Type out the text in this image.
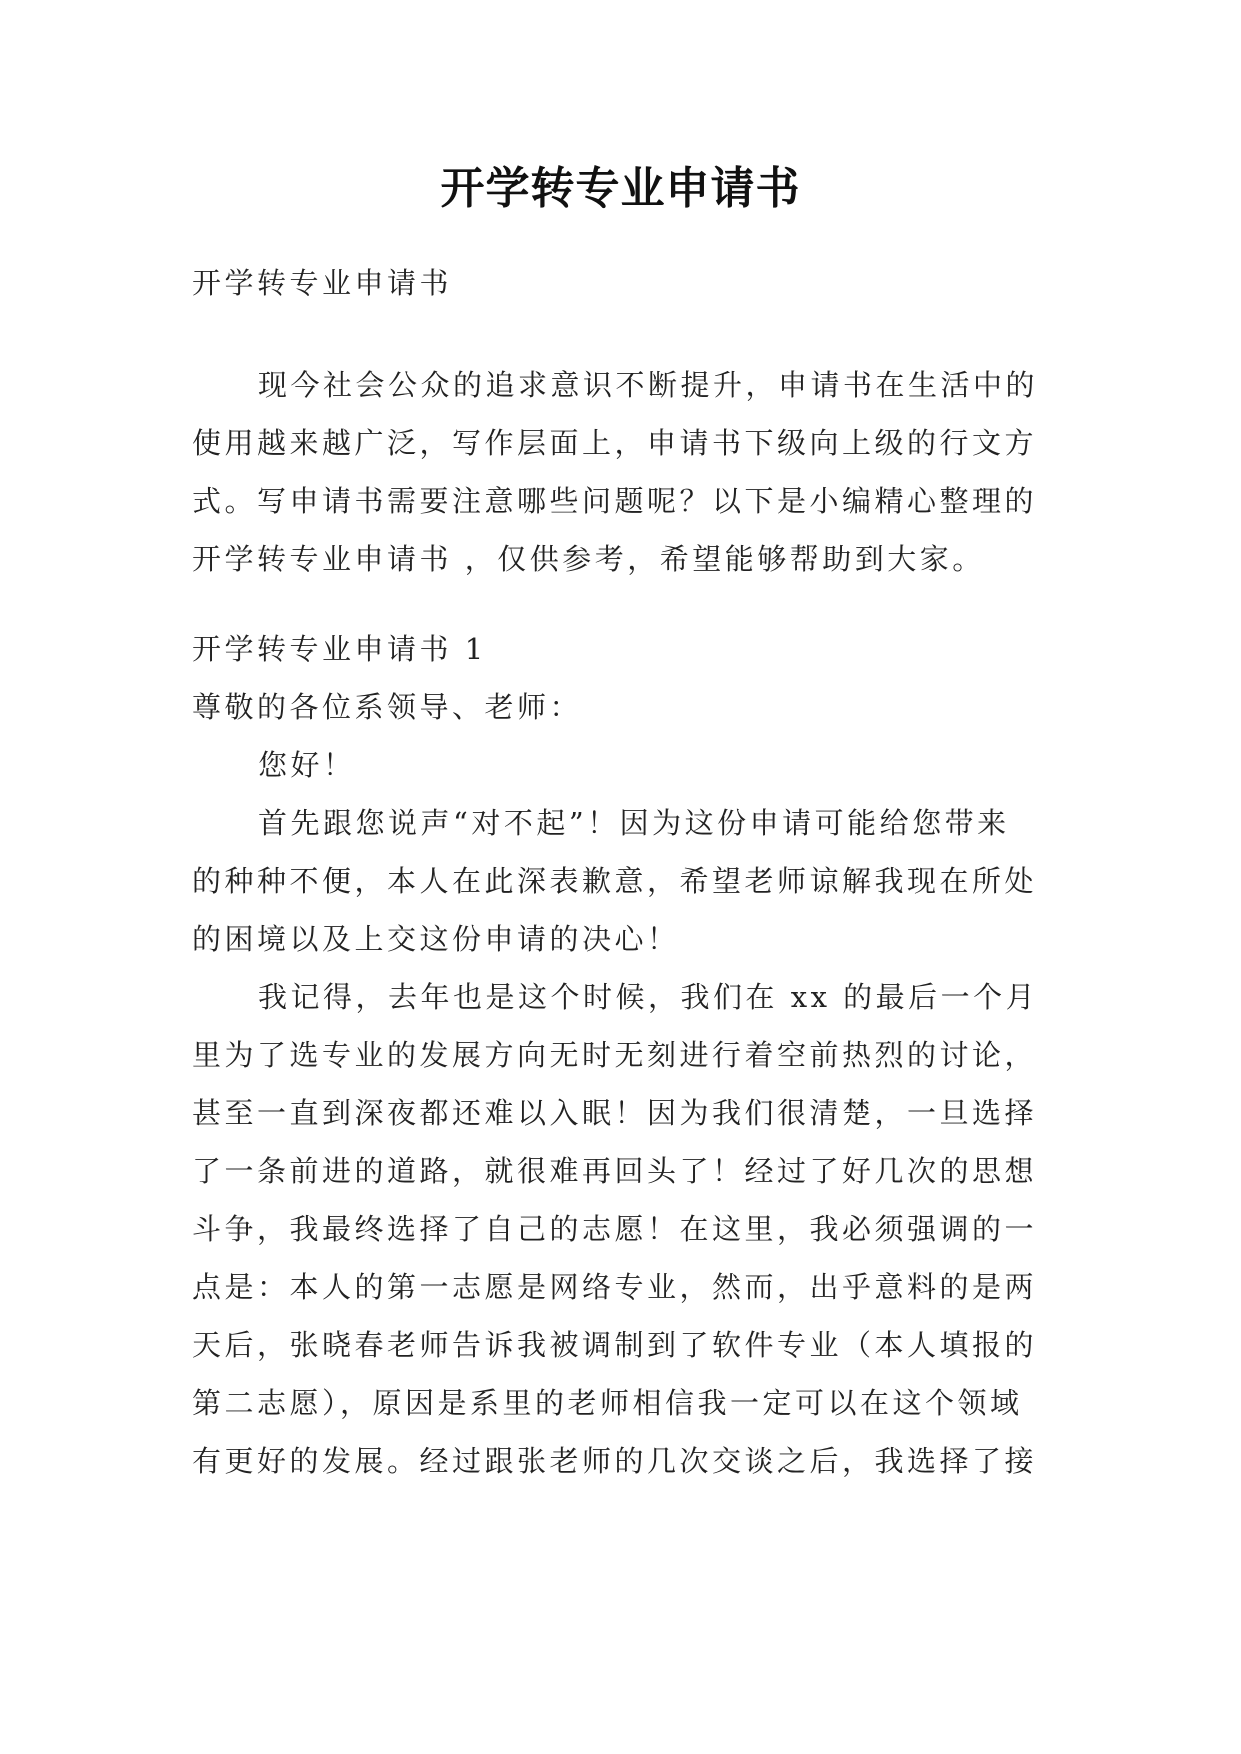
开学转专业申请书

开学转专业申请书

现今社会公众的追求意识不断提升，申请书在生活中的
使用越来越广泛，写作层面上，申请书下级向上级的行文方
式。写申请书需要注意哪些问题呢？以下是小编精心整理的
开学转专业申请书 ，仅供参考，希望能够帮助到大家。

开学转专业申请书 1
尊敬的各位系领导、老师：
您好！
首先跟您说声“对不起”！因为这份申请可能给您带来
的种种不便，本人在此深表歉意，希望老师谅解我现在所处
的困境以及上交这份申请的决心！
我记得，去年也是这个时候，我们在 xx 的最后一个月
里为了选专业的发展方向无时无刻进行着空前热烈的讨论，
甚至一直到深夜都还难以入眠！因为我们很清楚，一旦选择
了一条前进的道路，就很难再回头了！经过了好几次的思想
斗争，我最终选择了自己的志愿！在这里，我必须强调的一
点是：本人的第一志愿是网络专业，然而，出乎意料的是两
天后，张晓春老师告诉我被调制到了软件专业（本人填报的
第二志愿），原因是系里的老师相信我一定可以在这个领域
有更好的发展。经过跟张老师的几次交谈之后，我选择了接
